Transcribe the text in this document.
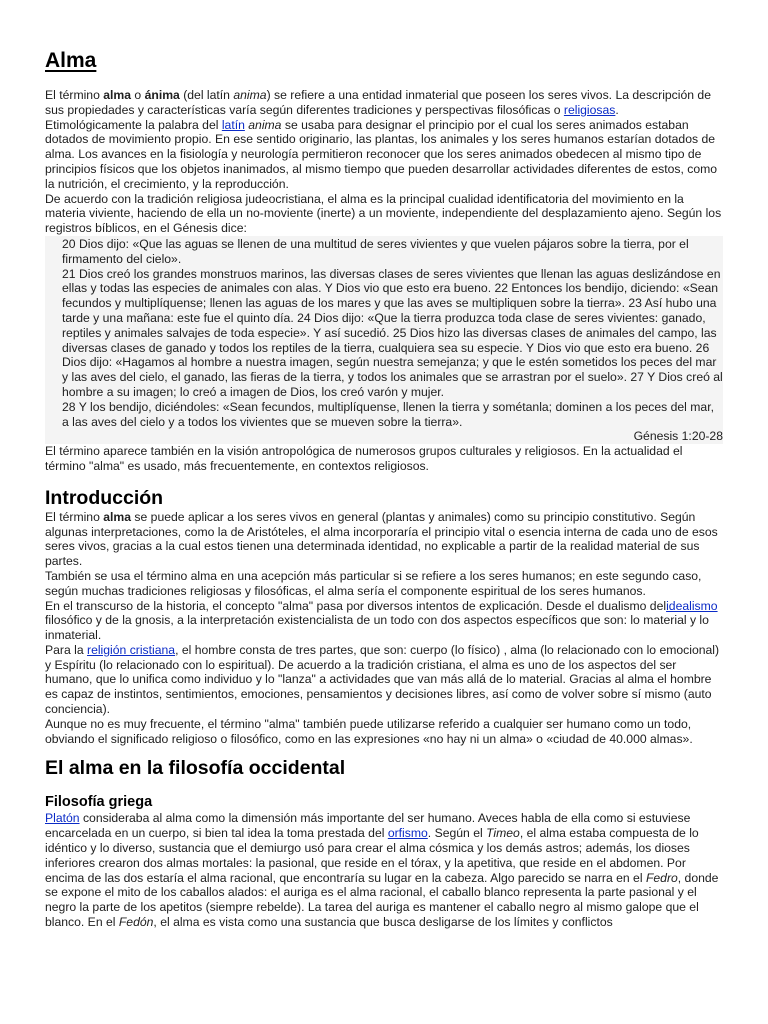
Alma

El término alma o ánima (del latín anima) se refiere a una entidad inmaterial que poseen los seres vivos. La descripción de sus propiedades y características varía según diferentes tradiciones y perspectivas filosóficas o religiosas.

Etimológicamente la palabra del latín anima se usaba para designar el principio por el cual los seres animados estaban dotados de movimiento propio. En ese sentido originario, las plantas, los animales y los seres humanos estarían dotados de alma. Los avances en la fisiología y neurología permitieron reconocer que los seres animados obedecen al mismo tipo de principios físicos que los objetos inanimados, al mismo tiempo que pueden desarrollar actividades diferentes de estos, como la nutrición, el crecimiento, y la reproducción.

De acuerdo con la tradición religiosa judeocristiana, el alma es la principal cualidad identificatoria del movimiento en la materia viviente, haciendo de ella un no-moviente (inerte) a un moviente, independiente del desplazamiento ajeno. Según los registros bíblicos, en el Génesis dice:

20 Dios dijo: «Que las aguas se llenen de una multitud de seres vivientes y que vuelen pájaros sobre la tierra, por el firmamento del cielo».

21 Dios creó los grandes monstruos marinos, las diversas clases de seres vivientes que llenan las aguas deslizándose en ellas y todas las especies de animales con alas. Y Dios vio que esto era bueno. 22 Entonces los bendijo, diciendo: «Sean fecundos y multiplíquense; llenen las aguas de los mares y que las aves se multipliquen sobre la tierra». 23 Así hubo una tarde y una mañana: este fue el quinto día. 24 Dios dijo: «Que la tierra produzca toda clase de seres vivientes: ganado, reptiles y animales salvajes de toda especie». Y así sucedió. 25 Dios hizo las diversas clases de animales del campo, las diversas clases de ganado y todos los reptiles de la tierra, cualquiera sea su especie. Y Dios vio que esto era bueno. 26 Dios dijo: «Hagamos al hombre a nuestra imagen, según nuestra semejanza; y que le estén sometidos los peces del mar y las aves del cielo, el ganado, las fieras de la tierra, y todos los animales que se arrastran por el suelo». 27 Y Dios creó al hombre a su imagen; lo creó a imagen de Dios, los creó varón y mujer.

28 Y los bendijo, diciéndoles: «Sean fecundos, multiplíquense, llenen la tierra y sométanla; dominen a los peces del mar, a las aves del cielo y a todos los vivientes que se mueven sobre la tierra».

Génesis 1:20-28

El término aparece también en la visión antropológica de numerosos grupos culturales y religiosos. En la actualidad el término "alma" es usado, más frecuentemente, en contextos religiosos.

Introducción

El término alma se puede aplicar a los seres vivos en general (plantas y animales) como su principio constitutivo. Según algunas interpretaciones, como la de Aristóteles, el alma incorporaría el principio vital o esencia interna de cada uno de esos seres vivos, gracias a la cual estos tienen una determinada identidad, no explicable a partir de la realidad material de sus partes.

También se usa el término alma en una acepción más particular si se refiere a los seres humanos; en este segundo caso, según muchas tradiciones religiosas y filosóficas, el alma sería el componente espiritual de los seres humanos.

En el transcurso de la historia, el concepto "alma" pasa por diversos intentos de explicación. Desde el dualismo delidealismo filosófico y de la gnosis, a la interpretación existencialista de un todo con dos aspectos específicos que son: lo material y lo inmaterial.

Para la religión cristiana, el hombre consta de tres partes, que son: cuerpo (lo físico) , alma (lo relacionado con lo emocional) y Espíritu (lo relacionado con lo espiritual). De acuerdo a la tradición cristiana, el alma es uno de los aspectos del ser humano, que lo unifica como individuo y lo "lanza" a actividades que van más allá de lo material. Gracias al alma el hombre es capaz de instintos, sentimientos, emociones, pensamientos y decisiones libres, así como de volver sobre sí mismo (auto conciencia).

Aunque no es muy frecuente, el término "alma" también puede utilizarse referido a cualquier ser humano como un todo, obviando el significado religioso o filosófico, como en las expresiones «no hay ni un alma» o «ciudad de 40.000 almas».

El alma en la filosofía occidental
Filosofía griega

Platón consideraba al alma como la dimensión más importante del ser humano. Aveces habla de ella como si estuviese encarcelada en un cuerpo, si bien tal idea la toma prestada del orfismo. Según el Timeo, el alma estaba compuesta de lo idéntico y lo diverso, sustancia que el demiurgo usó para crear el alma cósmica y los demás astros; además, los dioses inferiores crearon dos almas mortales: la pasional, que reside en el tórax, y la apetitiva, que reside en el abdomen. Por encima de las dos estaría el alma racional, que encontraría su lugar en la cabeza. Algo parecido se narra en el Fedro, donde se expone el mito de los caballos alados: el auriga es el alma racional, el caballo blanco representa la parte pasional y el negro la parte de los apetitos (siempre rebelde). La tarea del auriga es mantener el caballo negro al mismo galope que el blanco. En el Fedón, el alma es vista como una sustancia que busca desligarse de los límites y conflictos
